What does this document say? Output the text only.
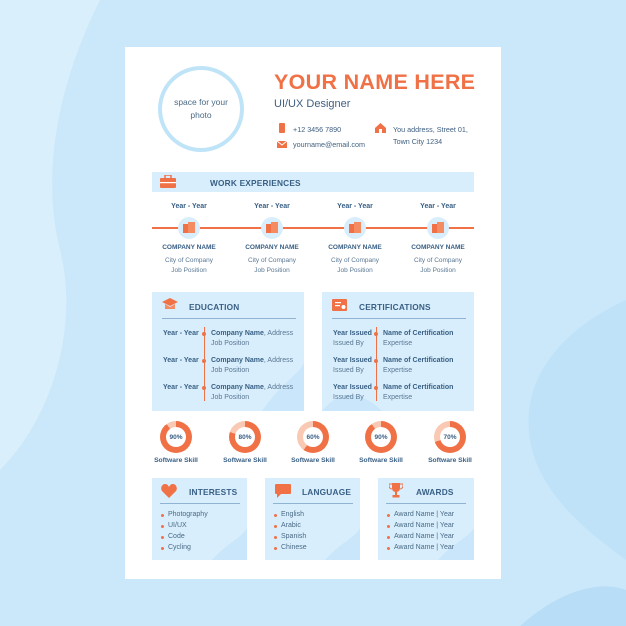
space for your photo
YOUR NAME HERE
UI/UX Designer
+12 3456 7890
yourname@email.com
You address, Street 01,
Town City 1234
WORK EXPERIENCES
Year - Year
COMPANY NAME
City of Company
Job Position
Year - Year
COMPANY NAME
City of Company
Job Position
Year - Year
COMPANY NAME
City of Company
Job Position
Year - Year
COMPANY NAME
City of Company
Job Position
EDUCATION
Year - Year Company Name, Address
Job Position
Year - Year Company Name, Address
Job Position
Year - Year Company Name, Address
Job Position
CERTIFICATIONS
Year Issued
Issued By
Name of Certification
Expertise
Year Issued
Issued By
Name of Certification
Expertise
Year Issued
Issued By
Name of Certification
Expertise
90%
Software Skill
80%
Software Skill
60%
Software Skill
90%
Software Skill
70%
Software Skill
INTERESTS
Photography
UI/UX
Code
Cycling
LANGUAGE
English
Arabic
Spanish
Chinese
AWARDS
Award Name | Year
Award Name | Year
Award Name | Year
Award Name | Year
